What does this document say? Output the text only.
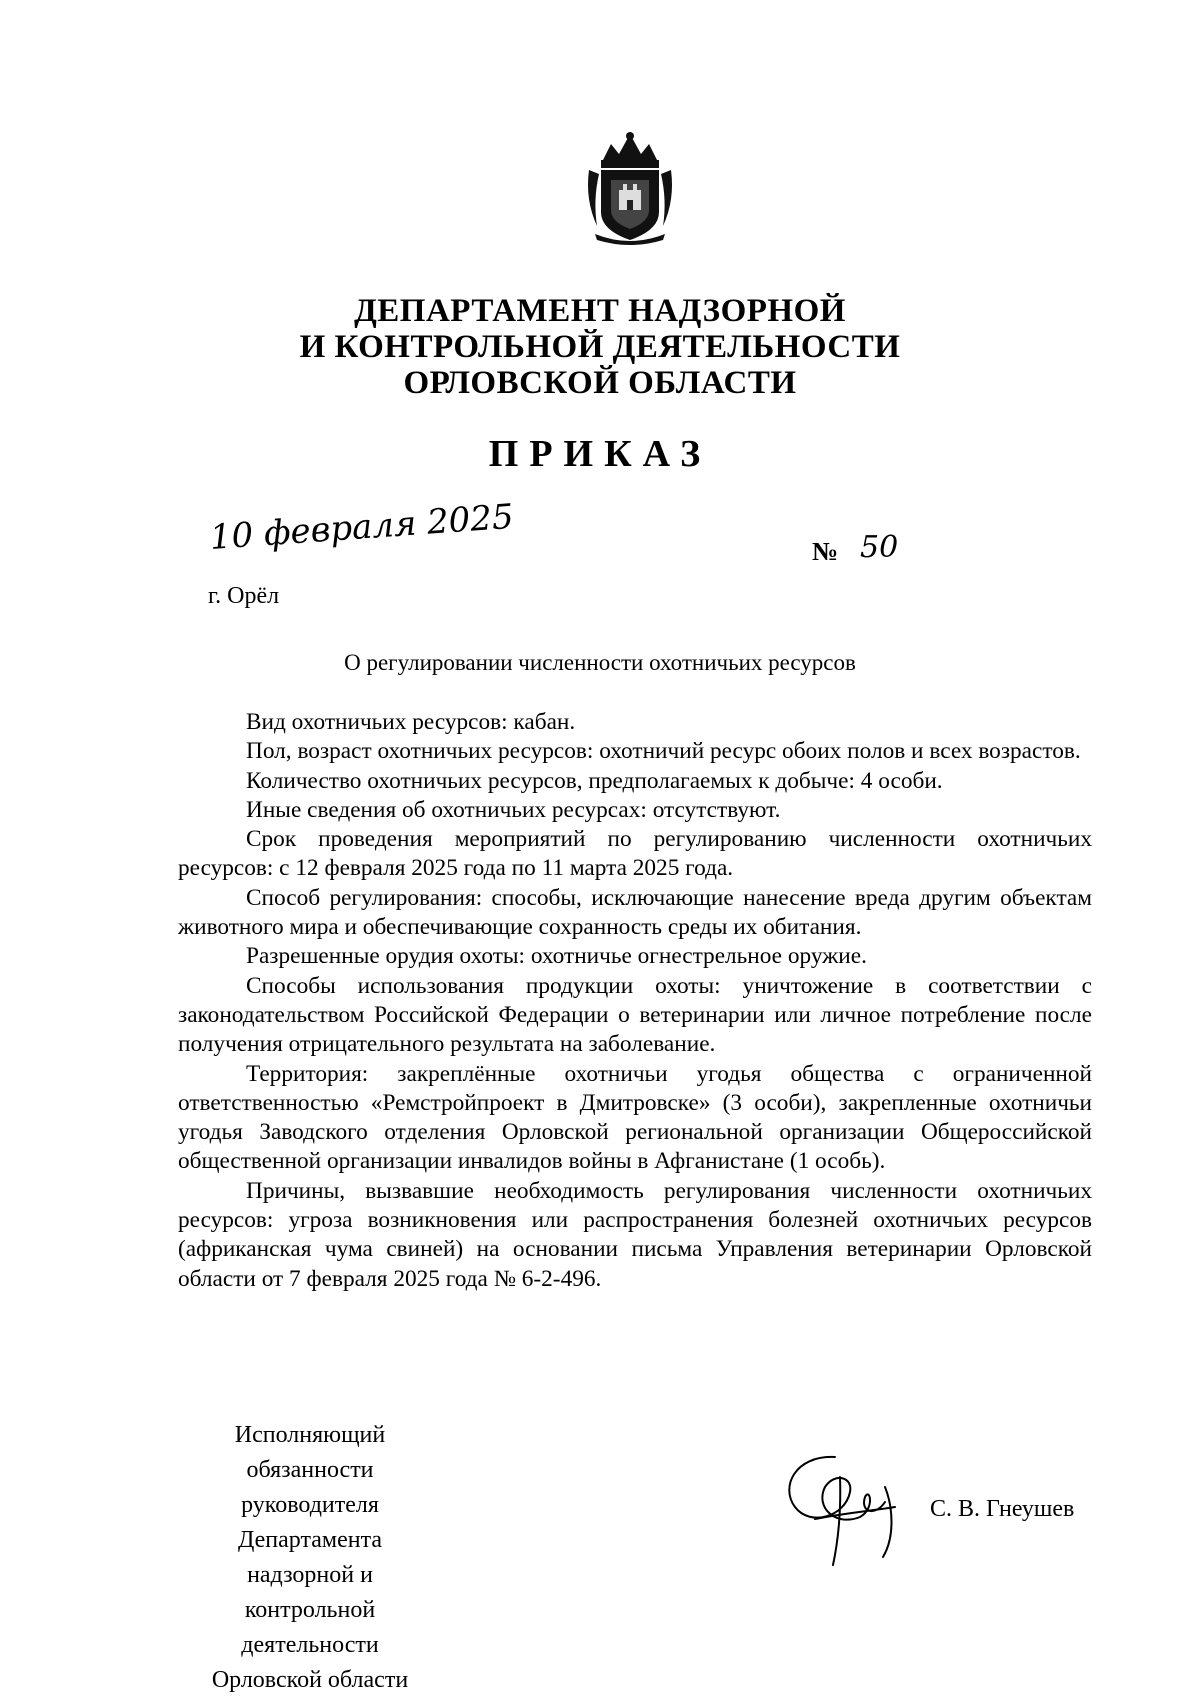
ДЕПАРТАМЕНТ НАДЗОРНОЙ
И КОНТРОЛЬНОЙ ДЕЯТЕЛЬНОСТИ
ОРЛОВСКОЙ ОБЛАСТИ
ПРИКАЗ
10 февраля 2025	№ 50
г. Орёл
О регулировании численности охотничьих ресурсов

Вид охотничьих ресурсов: кабан.

Пол, возраст охотничьих ресурсов: охотничий ресурс обоих полов и всех возрастов.

Количество охотничьих ресурсов, предполагаемых к добыче: 4 особи.

Иные сведения об охотничьих ресурсах: отсутствуют.

Срок проведения мероприятий по регулированию численности охотничьих ресурсов: с 12 февраля 2025 года по 11 марта 2025 года.

Способ регулирования: способы, исключающие нанесение вреда другим объектам животного мира и обеспечивающие сохранность среды их обитания.

Разрешенные орудия охоты: охотничье огнестрельное оружие.

Способы использования продукции охоты: уничтожение в соответствии с законодательством Российской Федерации о ветеринарии или личное потребление после получения отрицательного результата на заболевание.

Территория: закреплённые охотничьи угодья общества с ограниченной ответственностью «Ремстройпроект в Дмитровске» (3 особи), закрепленные охотничьи угодья Заводского отделения Орловской региональной организации Общероссийской общественной организации инвалидов войны в Афганистане (1 особь).

Причины, вызвавшие необходимость регулирования численности охотничьих ресурсов: угроза возникновения или распространения болезней охотничьих ресурсов (африканская чума свиней) на основании письма Управления ветеринарии Орловской области от 7 февраля 2025 года № 6-2-496.

Исполняющий
обязанности
руководителя
Департамента
надзорной и
контрольной
деятельности
Орловской области
С. В. Гнеушев
